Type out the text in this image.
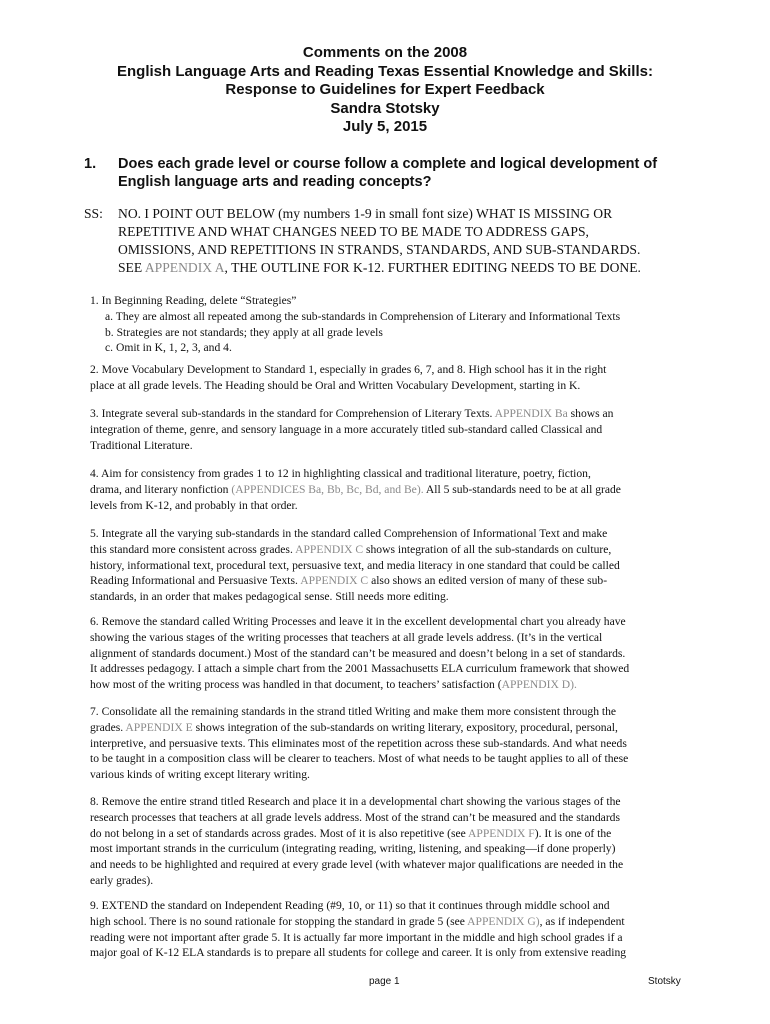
Comments on the 2008
English Language Arts and Reading Texas Essential Knowledge and Skills:
Response to Guidelines for Expert Feedback
Sandra Stotsky
July 5, 2015
1. Does each grade level or course follow a complete and logical development of
English language arts and reading concepts?
SS: NO. I POINT OUT BELOW (my numbers 1-9 in small font size) WHAT IS MISSING OR
REPETITIVE AND WHAT CHANGES NEED TO BE MADE TO ADDRESS GAPS,
OMISSIONS, AND REPETITIONS IN STRANDS, STANDARDS, AND SUB-STANDARDS.
SEE APPENDIX A, THE OUTLINE FOR K-12. FURTHER EDITING NEEDS TO BE DONE.
1. In Beginning Reading, delete “Strategies”
a. They are almost all repeated among the sub-standards in Comprehension of Literary and Informational Texts
b. Strategies are not standards; they apply at all grade levels
c. Omit in K, 1, 2, 3, and 4.
2. Move Vocabulary Development to Standard 1, especially in grades 6, 7, and 8. High school has it in the right
place at all grade levels. The Heading should be Oral and Written Vocabulary Development, starting in K.
3. Integrate several sub-standards in the standard for Comprehension of Literary Texts. APPENDIX Ba shows an
integration of theme, genre, and sensory language in a more accurately titled sub-standard called Classical and
Traditional Literature.
4. Aim for consistency from grades 1 to 12 in highlighting classical and traditional literature, poetry, fiction,
drama, and literary nonfiction (APPENDICES Ba, Bb, Bc, Bd, and Be). All 5 sub-standards need to be at all grade
levels from K-12, and probably in that order.
5. Integrate all the varying sub-standards in the standard called Comprehension of Informational Text and make
this standard more consistent across grades. APPENDIX C shows integration of all the sub-standards on culture,
history, informational text, procedural text, persuasive text, and media literacy in one standard that could be called
Reading Informational and Persuasive Texts. APPENDIX C also shows an edited version of many of these sub-
standards, in an order that makes pedagogical sense. Still needs more editing.
6. Remove the standard called Writing Processes and leave it in the excellent developmental chart you already have
showing the various stages of the writing processes that teachers at all grade levels address. (It’s in the vertical
alignment of standards document.) Most of the standard can’t be measured and doesn’t belong in a set of standards.
It addresses pedagogy. I attach a simple chart from the 2001 Massachusetts ELA curriculum framework that showed
how most of the writing process was handled in that document, to teachers’ satisfaction (APPENDIX D).
7. Consolidate all the remaining standards in the strand titled Writing and make them more consistent through the
grades. APPENDIX E shows integration of the sub-standards on writing literary, expository, procedural, personal,
interpretive, and persuasive texts. This eliminates most of the repetition across these sub-standards. And what needs
to be taught in a composition class will be clearer to teachers. Most of what needs to be taught applies to all of these
various kinds of writing except literary writing.
8. Remove the entire strand titled Research and place it in a developmental chart showing the various stages of the
research processes that teachers at all grade levels address. Most of the strand can’t be measured and the standards
do not belong in a set of standards across grades. Most of it is also repetitive (see APPENDIX F). It is one of the
most important strands in the curriculum (integrating reading, writing, listening, and speaking—if done properly)
and needs to be highlighted and required at every grade level (with whatever major qualifications are needed in the
early grades).
9. EXTEND the standard on Independent Reading (#9, 10, or 11) so that it continues through middle school and
high school. There is no sound rationale for stopping the standard in grade 5 (see APPENDIX G), as if independent
reading were not important after grade 5. It is actually far more important in the middle and high school grades if a
major goal of K-12 ELA standards is to prepare all students for college and career. It is only from extensive reading
page 1	Stotsky
